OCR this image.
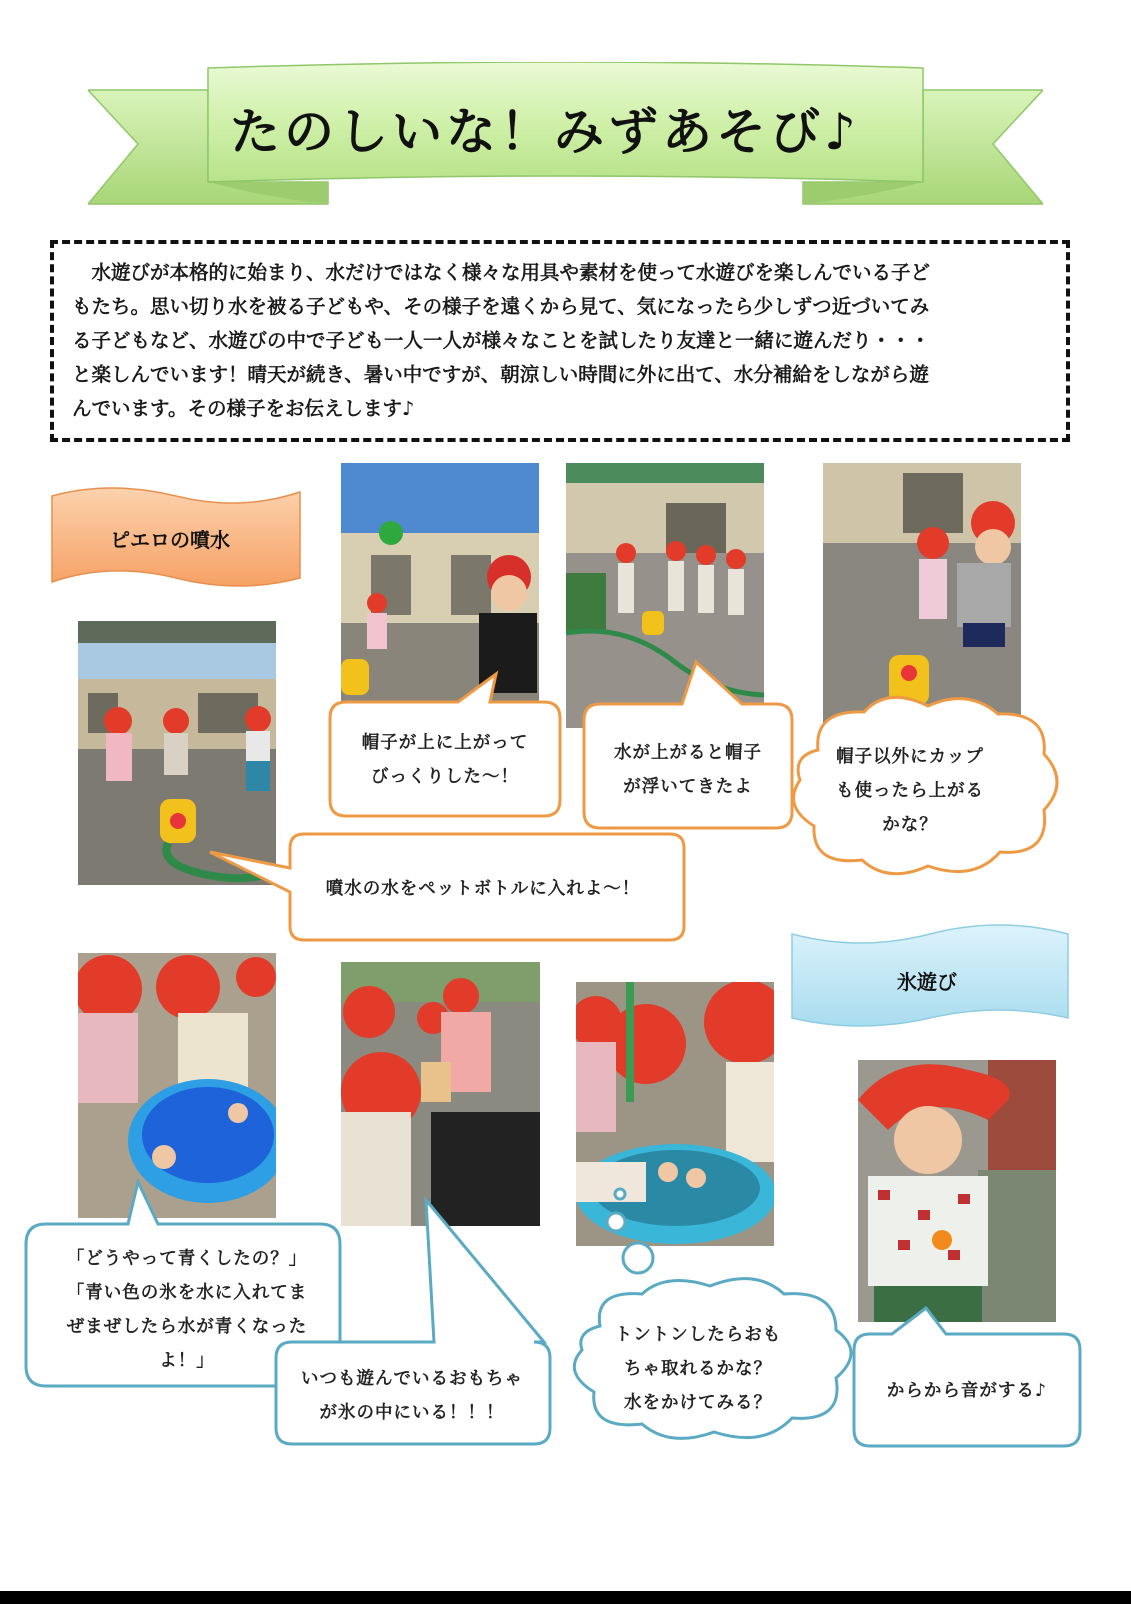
たのしいな！みずあそび♪
水遊びが本格的に始まり、水だけではなく様々な用具や素材を使って水遊びを楽しんでいる子ど
もたち。思い切り水を被る子どもや、その様子を遠くから見て、気になったら少しずつ近づいてみ
る子どもなど、水遊びの中で子ども一人一人が様々なことを試したり友達と一緒に遊んだり・・・
と楽しんでいます！晴天が続き、暑い中ですが、朝涼しい時間に外に出て、水分補給をしながら遊
んでいます。その様子をお伝えします♪
ピエロの噴水
氷遊び
帽子が上に上がって
びっくりした〜！
水が上がると帽子
が浮いてきたよ
帽子以外にカップ
も使ったら上がる
かな？
噴水の水をペットボトルに入れよ〜！
「どうやって青くしたの？」
「青い色の氷を水に入れてま
ぜまぜしたら水が青くなった
よ！」
いつも遊んでいるおもちゃ
が氷の中にいる！！！
トントンしたらおも
ちゃ取れるかな？
水をかけてみる？
からから音がする♪
